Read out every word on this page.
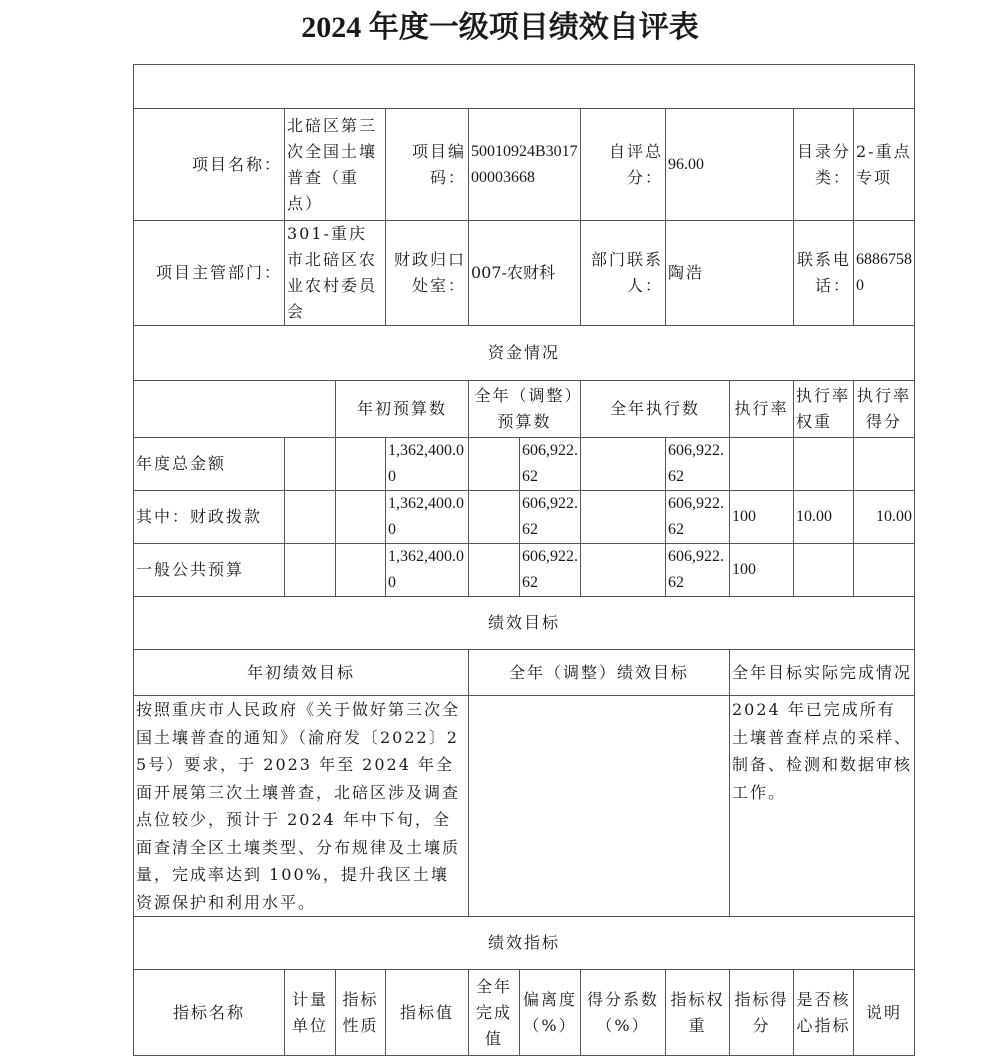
2024 年度一级项目绩效自评表

项目名称：	北碚区第三次全国土壤普查（重点）		项目编码：	50010924B301700003668		自评总分：	96.00		目录分类：	2-重点专项
项目主管部门：	301-重庆市北碚区农业农村委员会		财政归口处室：	007-农财科		部门联系人：	陶浩		联系电话：	68867580
资金情况										
		年初预算数		全年（调整）预算数		全年执行数		执行率	执行率权重	执行率得分
年度总金额			1,362,400.00		606,922.62		606,922.62			
其中：财政拨款			1,362,400.00		606,922.62		606,922.62	100	10.00	10.00
一般公共预算			1,362,400.00		606,922.62		606,922.62	100		
绩效目标										
年初绩效目标				全年（调整）绩效目标				全年目标实际完成情况		
按照重庆市人民政府《关于做好第三次全国土壤普查的通知》（渝府发〔2022〕25号）要求，于 2023 年至 2024 年全面开展第三次土壤普查，北碚区涉及调查点位较少，预计于 2024 年中下旬，全面查清全区土壤类型、分布规律及土壤质量，完成率达到 100%，提升我区土壤资源保护和利用水平。								2024 年已完成所有土壤普查样点的采样、制备、检测和数据审核工作。		
绩效指标										
指标名称	计量单位	指标性质	指标值	全年完成值	偏离度（%）	得分系数（%）	指标权重	指标得分	是否核心指标	说明
